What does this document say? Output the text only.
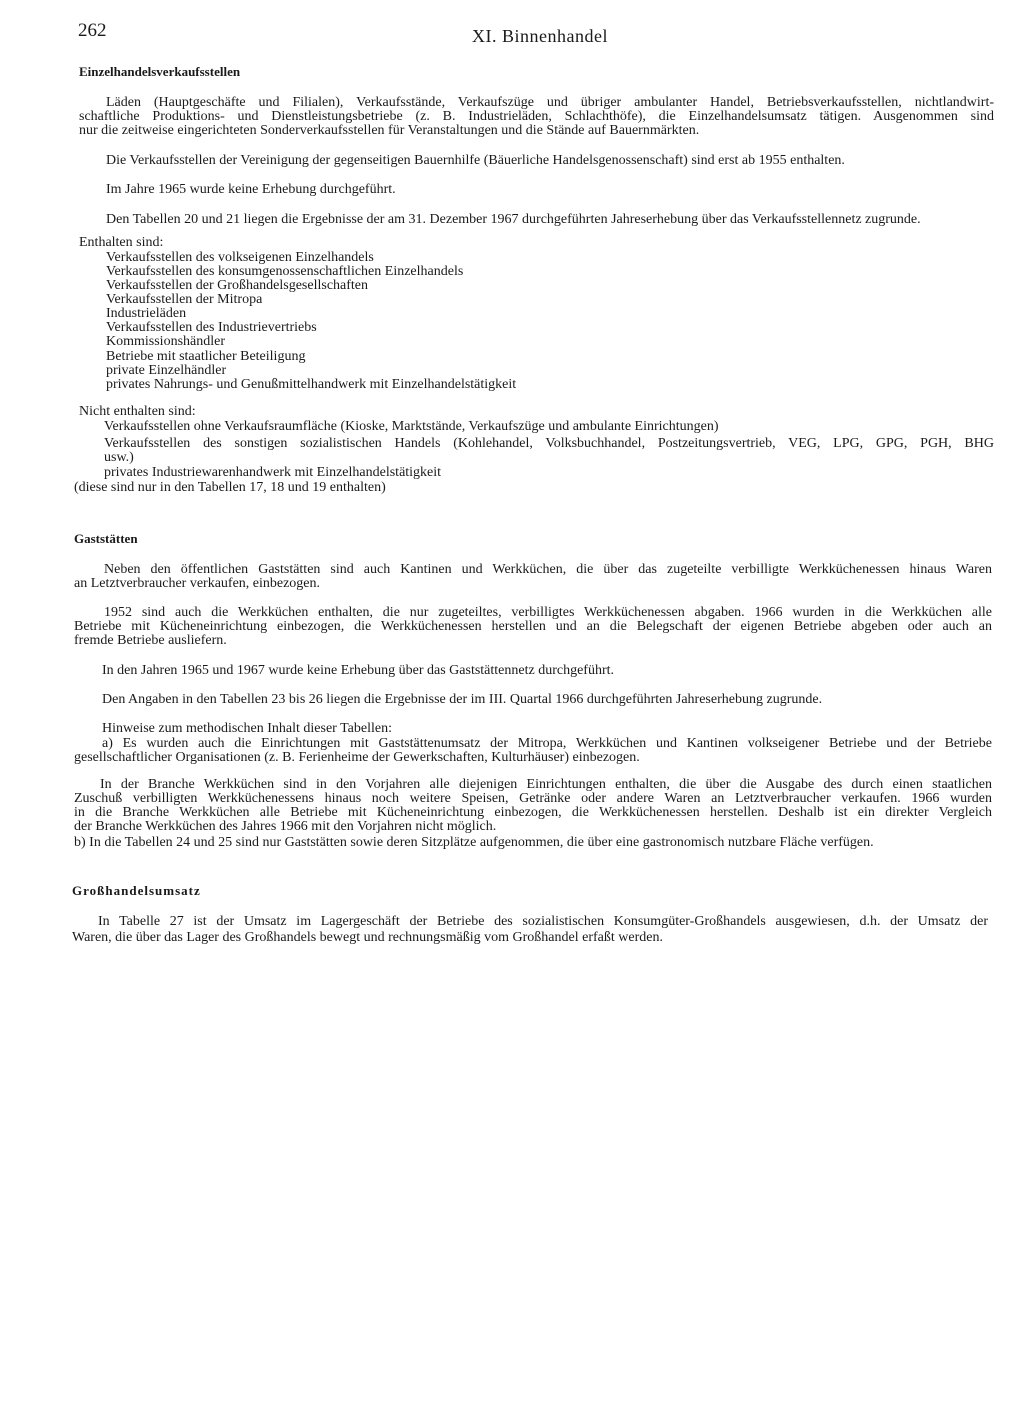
262	XI. Binnenhandel
Einzelhandelsverkaufsstellen
Läden (Hauptgeschäfte und Filialen), Verkaufsstände, Verkaufszüge und übriger ambulanter Handel, Betriebsverkaufsstellen, nichtlandwirt-
schaftliche Produktions- und Dienstleistungsbetriebe (z. B. Industrieläden, Schlachthöfe), die Einzelhandelsumsatz tätigen. Ausgenommen sind
nur die zeitweise eingerichteten Sonderverkaufsstellen für Veranstaltungen und die Stände auf Bauernmärkten.
Die Verkaufsstellen der Vereinigung der gegenseitigen Bauernhilfe (Bäuerliche Handelsgenossenschaft) sind erst ab 1955 enthalten.
Im Jahre 1965 wurde keine Erhebung durchgeführt.
Den Tabellen 20 und 21 liegen die Ergebnisse der am 31. Dezember 1967 durchgeführten Jahreserhebung über das Verkaufsstellennetz zugrunde.
Enthalten sind:
Verkaufsstellen des volkseigenen Einzelhandels
Verkaufsstellen des konsumgenossenschaftlichen Einzelhandels
Verkaufsstellen der Großhandelsgesellschaften
Verkaufsstellen der Mitropa
Industrieläden
Verkaufsstellen des Industrievertriebs
Kommissionshändler
Betriebe mit staatlicher Beteiligung
private Einzelhändler
privates Nahrungs- und Genußmittelhandwerk mit Einzelhandelstätigkeit
Nicht enthalten sind:
Verkaufsstellen ohne Verkaufsraumfläche (Kioske, Marktstände, Verkaufszüge und ambulante Einrichtungen)
Verkaufsstellen des sonstigen sozialistischen Handels (Kohlehandel, Volksbuchhandel, Postzeitungsvertrieb, VEG, LPG, GPG, PGH, BHG
usw.)
privates Industriewarenhandwerk mit Einzelhandelstätigkeit
(diese sind nur in den Tabellen 17, 18 und 19 enthalten)
Gaststätten
Neben den öffentlichen Gaststätten sind auch Kantinen und Werkküchen, die über das zugeteilte verbilligte Werkküchenessen hinaus Waren
an Letztverbraucher verkaufen, einbezogen.
1952 sind auch die Werkküchen enthalten, die nur zugeteiltes, verbilligtes Werkküchenessen abgaben. 1966 wurden in die Werkküchen alle
Betriebe mit Kücheneinrichtung einbezogen, die Werkküchenessen herstellen und an die Belegschaft der eigenen Betriebe abgeben oder auch an
fremde Betriebe ausliefern.
In den Jahren 1965 und 1967 wurde keine Erhebung über das Gaststättennetz durchgeführt.
Den Angaben in den Tabellen 23 bis 26 liegen die Ergebnisse der im III. Quartal 1966 durchgeführten Jahreserhebung zugrunde.
Hinweise zum methodischen Inhalt dieser Tabellen:
a) Es wurden auch die Einrichtungen mit Gaststättenumsatz der Mitropa, Werkküchen und Kantinen volkseigener Betriebe und der Betriebe
gesellschaftlicher Organisationen (z. B. Ferienheime der Gewerkschaften, Kulturhäuser) einbezogen.
In der Branche Werkküchen sind in den Vorjahren alle diejenigen Einrichtungen enthalten, die über die Ausgabe des durch einen staatlichen
Zuschuß verbilligten Werkküchenessens hinaus noch weitere Speisen, Getränke oder andere Waren an Letztverbraucher verkaufen. 1966 wurden
in die Branche Werkküchen alle Betriebe mit Kücheneinrichtung einbezogen, die Werkküchenessen herstellen. Deshalb ist ein direkter Vergleich
der Branche Werkküchen des Jahres 1966 mit den Vorjahren nicht möglich.
b) In die Tabellen 24 und 25 sind nur Gaststätten sowie deren Sitzplätze aufgenommen, die über eine gastronomisch nutzbare Fläche verfügen.
Großhandelsumsatz
In Tabelle 27 ist der Umsatz im Lagergeschäft der Betriebe des sozialistischen Konsumgüter-Großhandels ausgewiesen, d.h. der Umsatz der
Waren, die über das Lager des Großhandels bewegt und rechnungsmäßig vom Großhandel erfaßt werden.
